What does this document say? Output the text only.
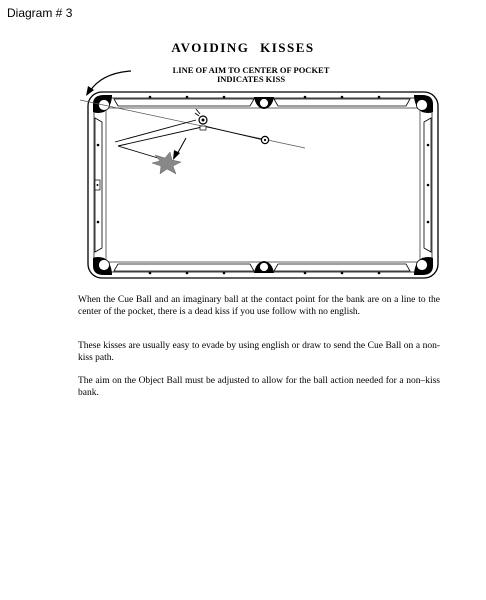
Diagram # 3
AVOIDING KISSES
LINE OF AIM TO CENTER OF POCKET
INDICATES KISS

When the Cue Ball and an imaginary ball at the contact point for the bank are on a line to the center of the pocket, there is a dead kiss if you use follow with no english.

These kisses are usually easy to evade by using english or draw to send the Cue Ball on a non-kiss path.

The aim on the Object Ball must be adjusted to allow for the ball action needed for a non–kiss bank.
